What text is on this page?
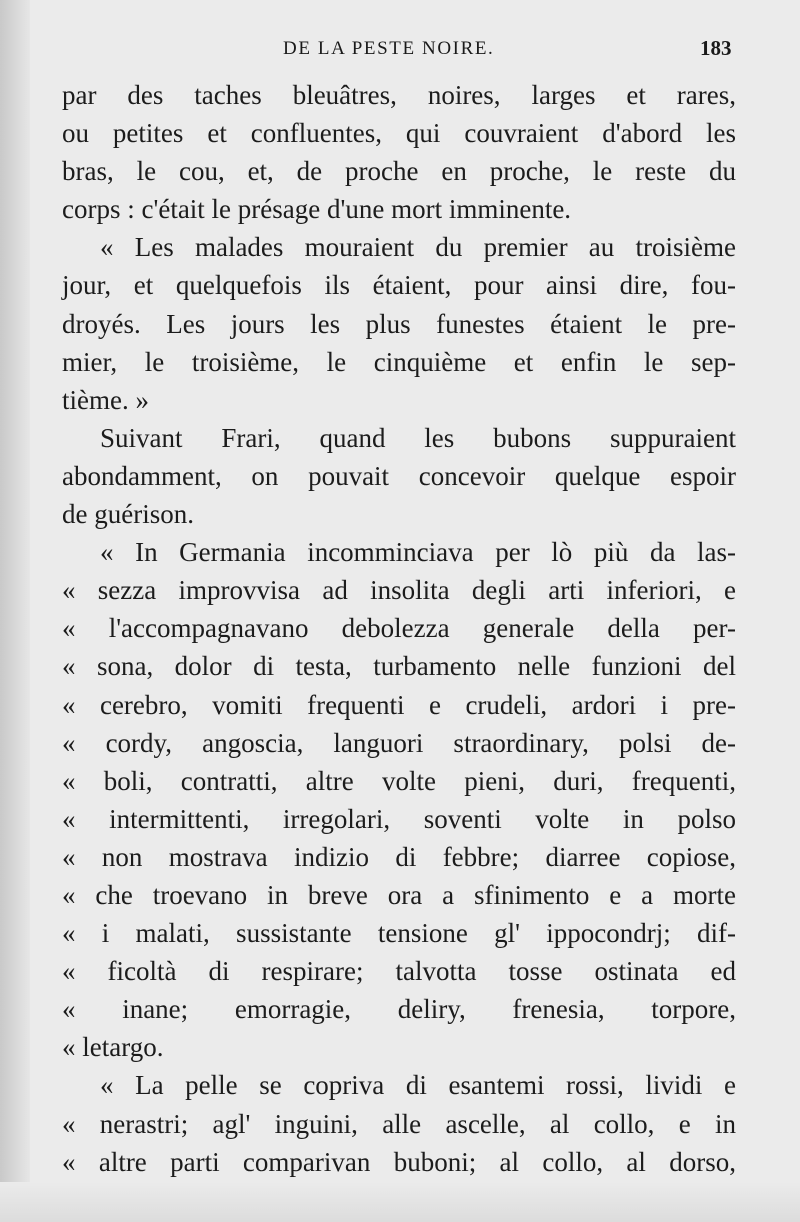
DE LA PESTE NOIRE.	183
par des taches bleuâtres, noires, larges et rares,
ou petites et confluentes, qui couvraient d'abord les
bras, le cou, et, de proche en proche, le reste du
corps : c'était le présage d'une mort imminente.
« Les malades mouraient du premier au troisième
jour, et quelquefois ils étaient, pour ainsi dire, fou-
droyés. Les jours les plus funestes étaient le pre-
mier, le troisième, le cinquième et enfin le sep-
tième. »
Suivant Frari, quand les bubons suppuraient
abondamment, on pouvait concevoir quelque espoir
de guérison.
« In Germania incomminciava per lò più da las-
« sezza improvvisa ad insolita degli arti inferiori, e
« l'accompagnavano debolezza generale della per-
« sona, dolor di testa, turbamento nelle funzioni del
« cerebro, vomiti frequenti e crudeli, ardori i pre-
« cordy, angoscia, languori straordinary, polsi de-
« boli, contratti, altre volte pieni, duri, frequenti,
« intermittenti, irregolari, soventi volte in polso
« non mostrava indizio di febbre; diarree copiose,
« che troevano in breve ora a sfinimento e a morte
« i malati, sussistante tensione gl' ippocondrj; dif-
« ficoltà di respirare; talvotta tosse ostinata ed
« inane; emorragie, deliry, frenesia, torpore,
« letargo.
« La pelle se copriva di esantemi rossi, lividi e
« nerastri; agl' inguini, alle ascelle, al collo, e in
« altre parti comparivan buboni; al collo, al dorso,
